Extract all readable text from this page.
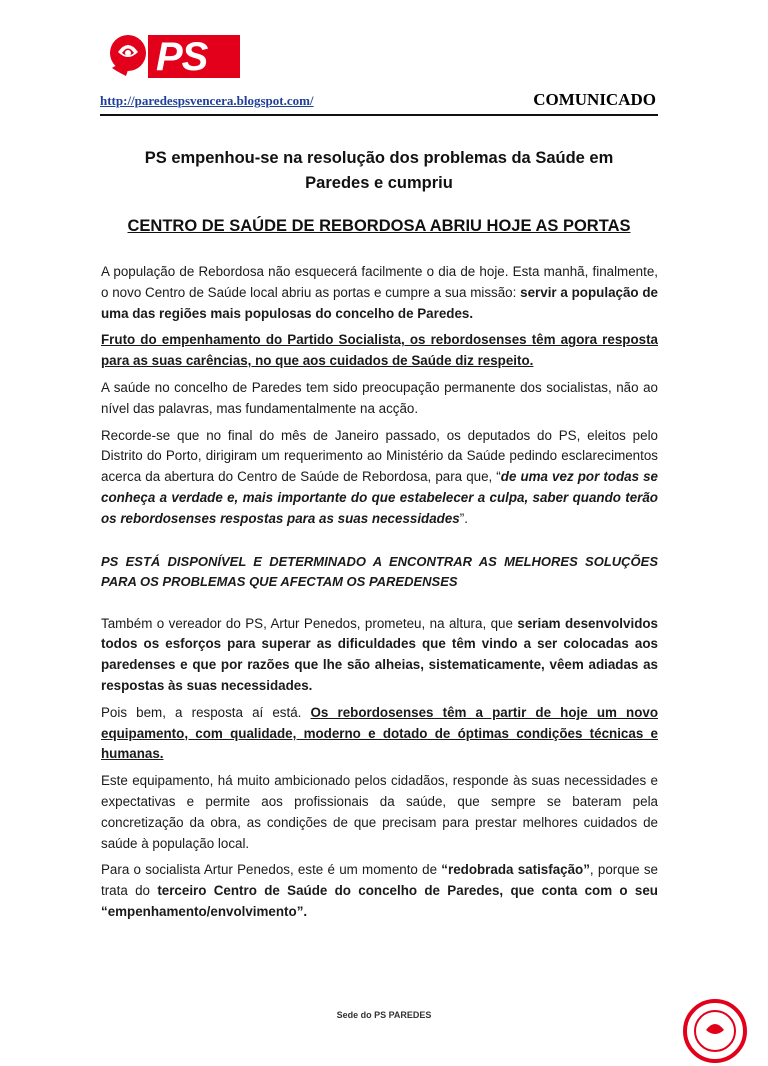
PS
http://paredespsvencera.blogspot.com/	COMUNICADO
PS empenhou-se na resolução dos problemas da Saúde em
Paredes e cumpriu
CENTRO DE SAÚDE DE REBORDOSA ABRIU HOJE AS PORTAS

A população de Rebordosa não esquecerá facilmente o dia de hoje. Esta manhã, finalmente, o novo Centro de Saúde local abriu as portas e cumpre a sua missão: servir a população de uma das regiões mais populosas do concelho de Paredes.

Fruto do empenhamento do Partido Socialista, os rebordosenses têm agora resposta para as suas carências, no que aos cuidados de Saúde diz respeito.

A saúde no concelho de Paredes tem sido preocupação permanente dos socialistas, não ao nível das palavras, mas fundamentalmente na acção.

Recorde-se que no final do mês de Janeiro passado, os deputados do PS, eleitos pelo Distrito do Porto, dirigiram um requerimento ao Ministério da Saúde pedindo esclarecimentos acerca da abertura do Centro de Saúde de Rebordosa, para que, “de uma vez por todas se conheça a verdade e, mais importante do que estabelecer a culpa, saber quando terão os rebordosenses respostas para as suas necessidades”.

PS ESTÁ DISPONÍVEL E DETERMINADO A ENCONTRAR AS MELHORES SOLUÇÕES PARA OS PROBLEMAS QUE AFECTAM OS PAREDENSES

Também o vereador do PS, Artur Penedos, prometeu, na altura, que seriam desenvolvidos todos os esforços para superar as dificuldades que têm vindo a ser colocadas aos paredenses e que por razões que lhe são alheias, sistematicamente, vêem adiadas as respostas às suas necessidades.

Pois bem, a resposta aí está. Os rebordosenses têm a partir de hoje um novo equipamento, com qualidade, moderno e dotado de óptimas condições técnicas e humanas.

Este equipamento, há muito ambicionado pelos cidadãos, responde às suas necessidades e expectativas e permite aos profissionais da saúde, que sempre se bateram pela concretização da obra, as condições de que precisam para prestar melhores cuidados de saúde à população local.

Para o socialista Artur Penedos, este é um momento de “redobrada satisfação”, porque se trata do terceiro Centro de Saúde do concelho de Paredes, que conta com o seu “empenhamento/envolvimento”.

Sede do PS PAREDES
